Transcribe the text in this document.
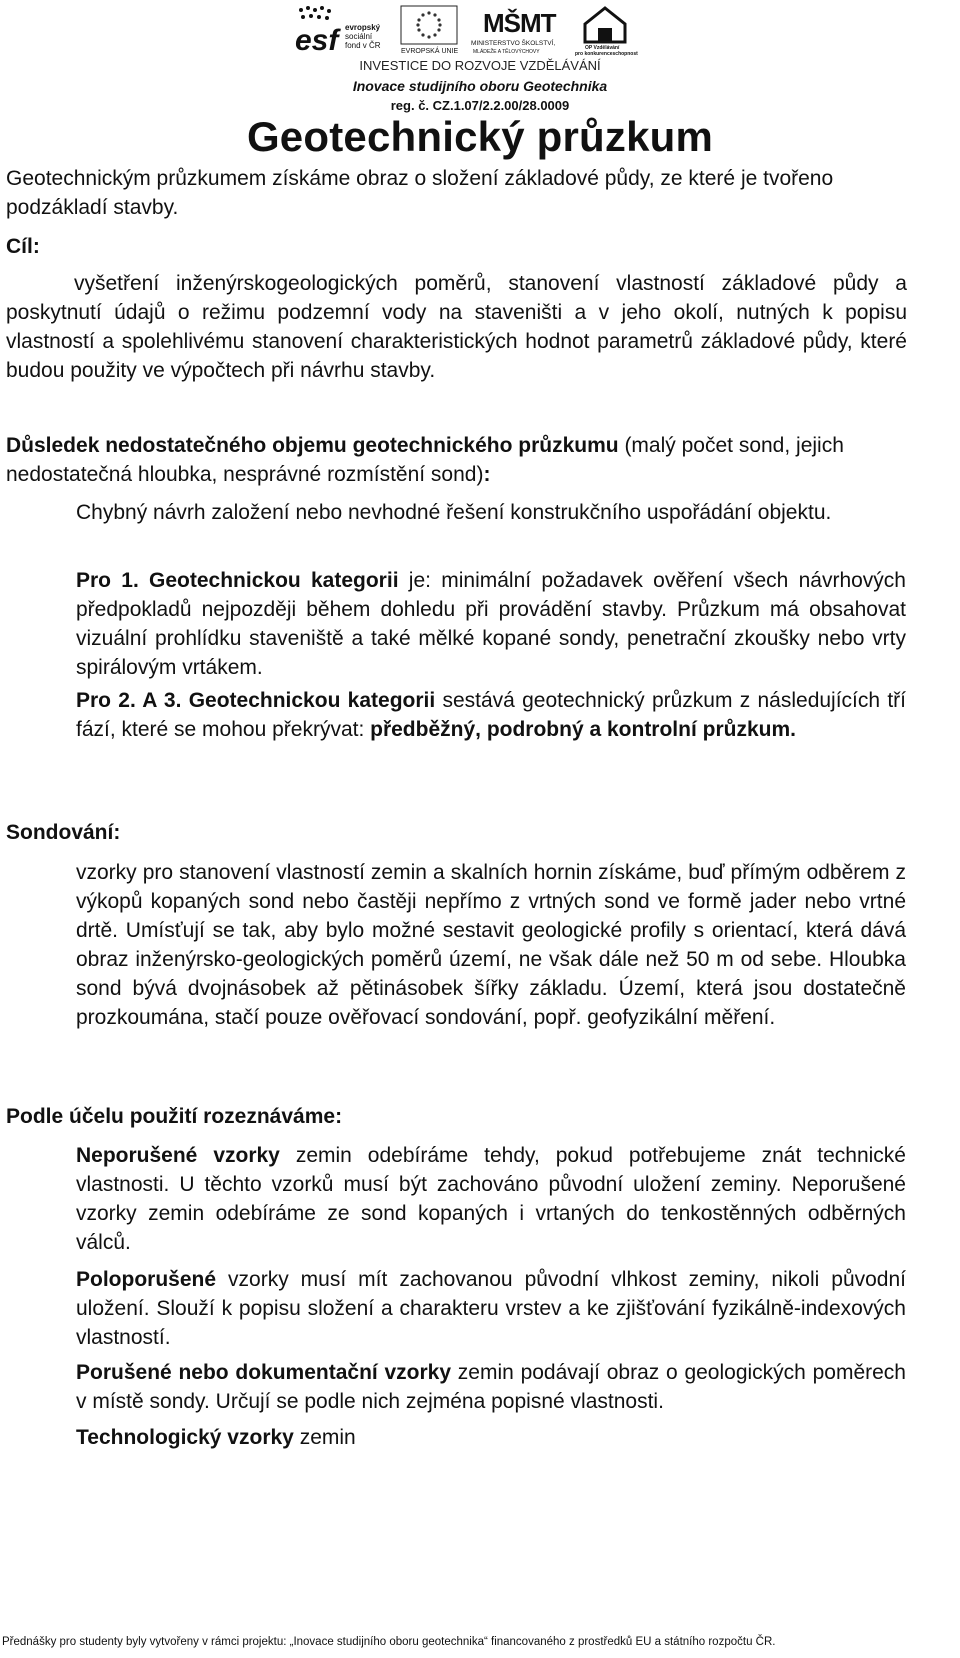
esf evropský
sociální
fond v ČR
EVROPSKÁ UNIE
MŠMT
MINISTERSTVO ŠKOLSTVÍ,
MLÁDEŽE A TĚLOVÝCHOVY
OP Vzdělávání
pro konkurenceschopnost
INVESTICE DO ROZVOJE VZDĚLÁVÁNÍ
Inovace studijního oboru Geotechnika
reg. č. CZ.1.07/2.2.00/28.0009
Geotechnický průzkum

Geotechnickým průzkumem získáme obraz o složení základové půdy, ze které je tvořeno podzákladí stavby.

Cíl:

vyšetření inženýrskogeologických poměrů, stanovení vlastností základové půdy a poskytnutí údajů o režimu podzemní vody na staveništi a v jeho okolí, nutných k popisu vlastností a spolehlivému stanovení charakteristických hodnot parametrů základové půdy, které budou použity ve výpočtech při návrhu stavby.

Důsledek nedostatečného objemu geotechnického průzkumu (malý počet sond, jejich nedostatečná hloubka, nesprávné rozmístění sond):

Chybný návrh založení nebo nevhodné řešení konstrukčního uspořádání objektu.

Pro 1. Geotechnickou kategorii je: minimální požadavek ověření všech návrhových předpokladů nejpozději během dohledu při provádění stavby. Průzkum má obsahovat vizuální prohlídku staveniště a také mělké kopané sondy, penetrační zkoušky nebo vrty spirálovým vrtákem.

Pro 2. A 3. Geotechnickou kategorii sestává geotechnický průzkum z následujících tří fází, které se mohou překrývat: předběžný, podrobný a kontrolní průzkum.

Sondování:

vzorky pro stanovení vlastností zemin a skalních hornin získáme, buď přímým odběrem z výkopů kopaných sond nebo častěji nepřímo z vrtných sond ve formě jader nebo vrtné drtě. Umísťují se tak, aby bylo možné sestavit geologické profily s orientací, která dává obraz inženýrsko-geologických poměrů území, ne však dále než 50 m od sebe. Hloubka sond bývá dvojnásobek až pětinásobek šířky základu. Území, která jsou dostatečně prozkoumána, stačí pouze ověřovací sondování, popř. geofyzikální měření.

Podle účelu použití rozeznáváme:

Neporušené vzorky zemin odebíráme tehdy, pokud potřebujeme znát technické vlastnosti. U těchto vzorků musí být zachováno původní uložení zeminy. Neporušené vzorky zemin odebíráme ze sond kopaných i vrtaných do tenkostěnných odběrných válců.

Poloporušené vzorky musí mít zachovanou původní vlhkost zeminy, nikoli původní uložení. Slouží k popisu složení a charakteru vrstev a ke zjišťování fyzikálně-indexových vlastností.

Porušené nebo dokumentační vzorky zemin podávají obraz o geologických poměrech v místě sondy. Určují se podle nich zejména popisné vlastnosti.

Technologický vzorky zemin

Přednášky pro studenty byly vytvořeny v rámci projektu: „Inovace studijního oboru geotechnika“ financovaného z prostředků EU a státního rozpočtu ČR.
